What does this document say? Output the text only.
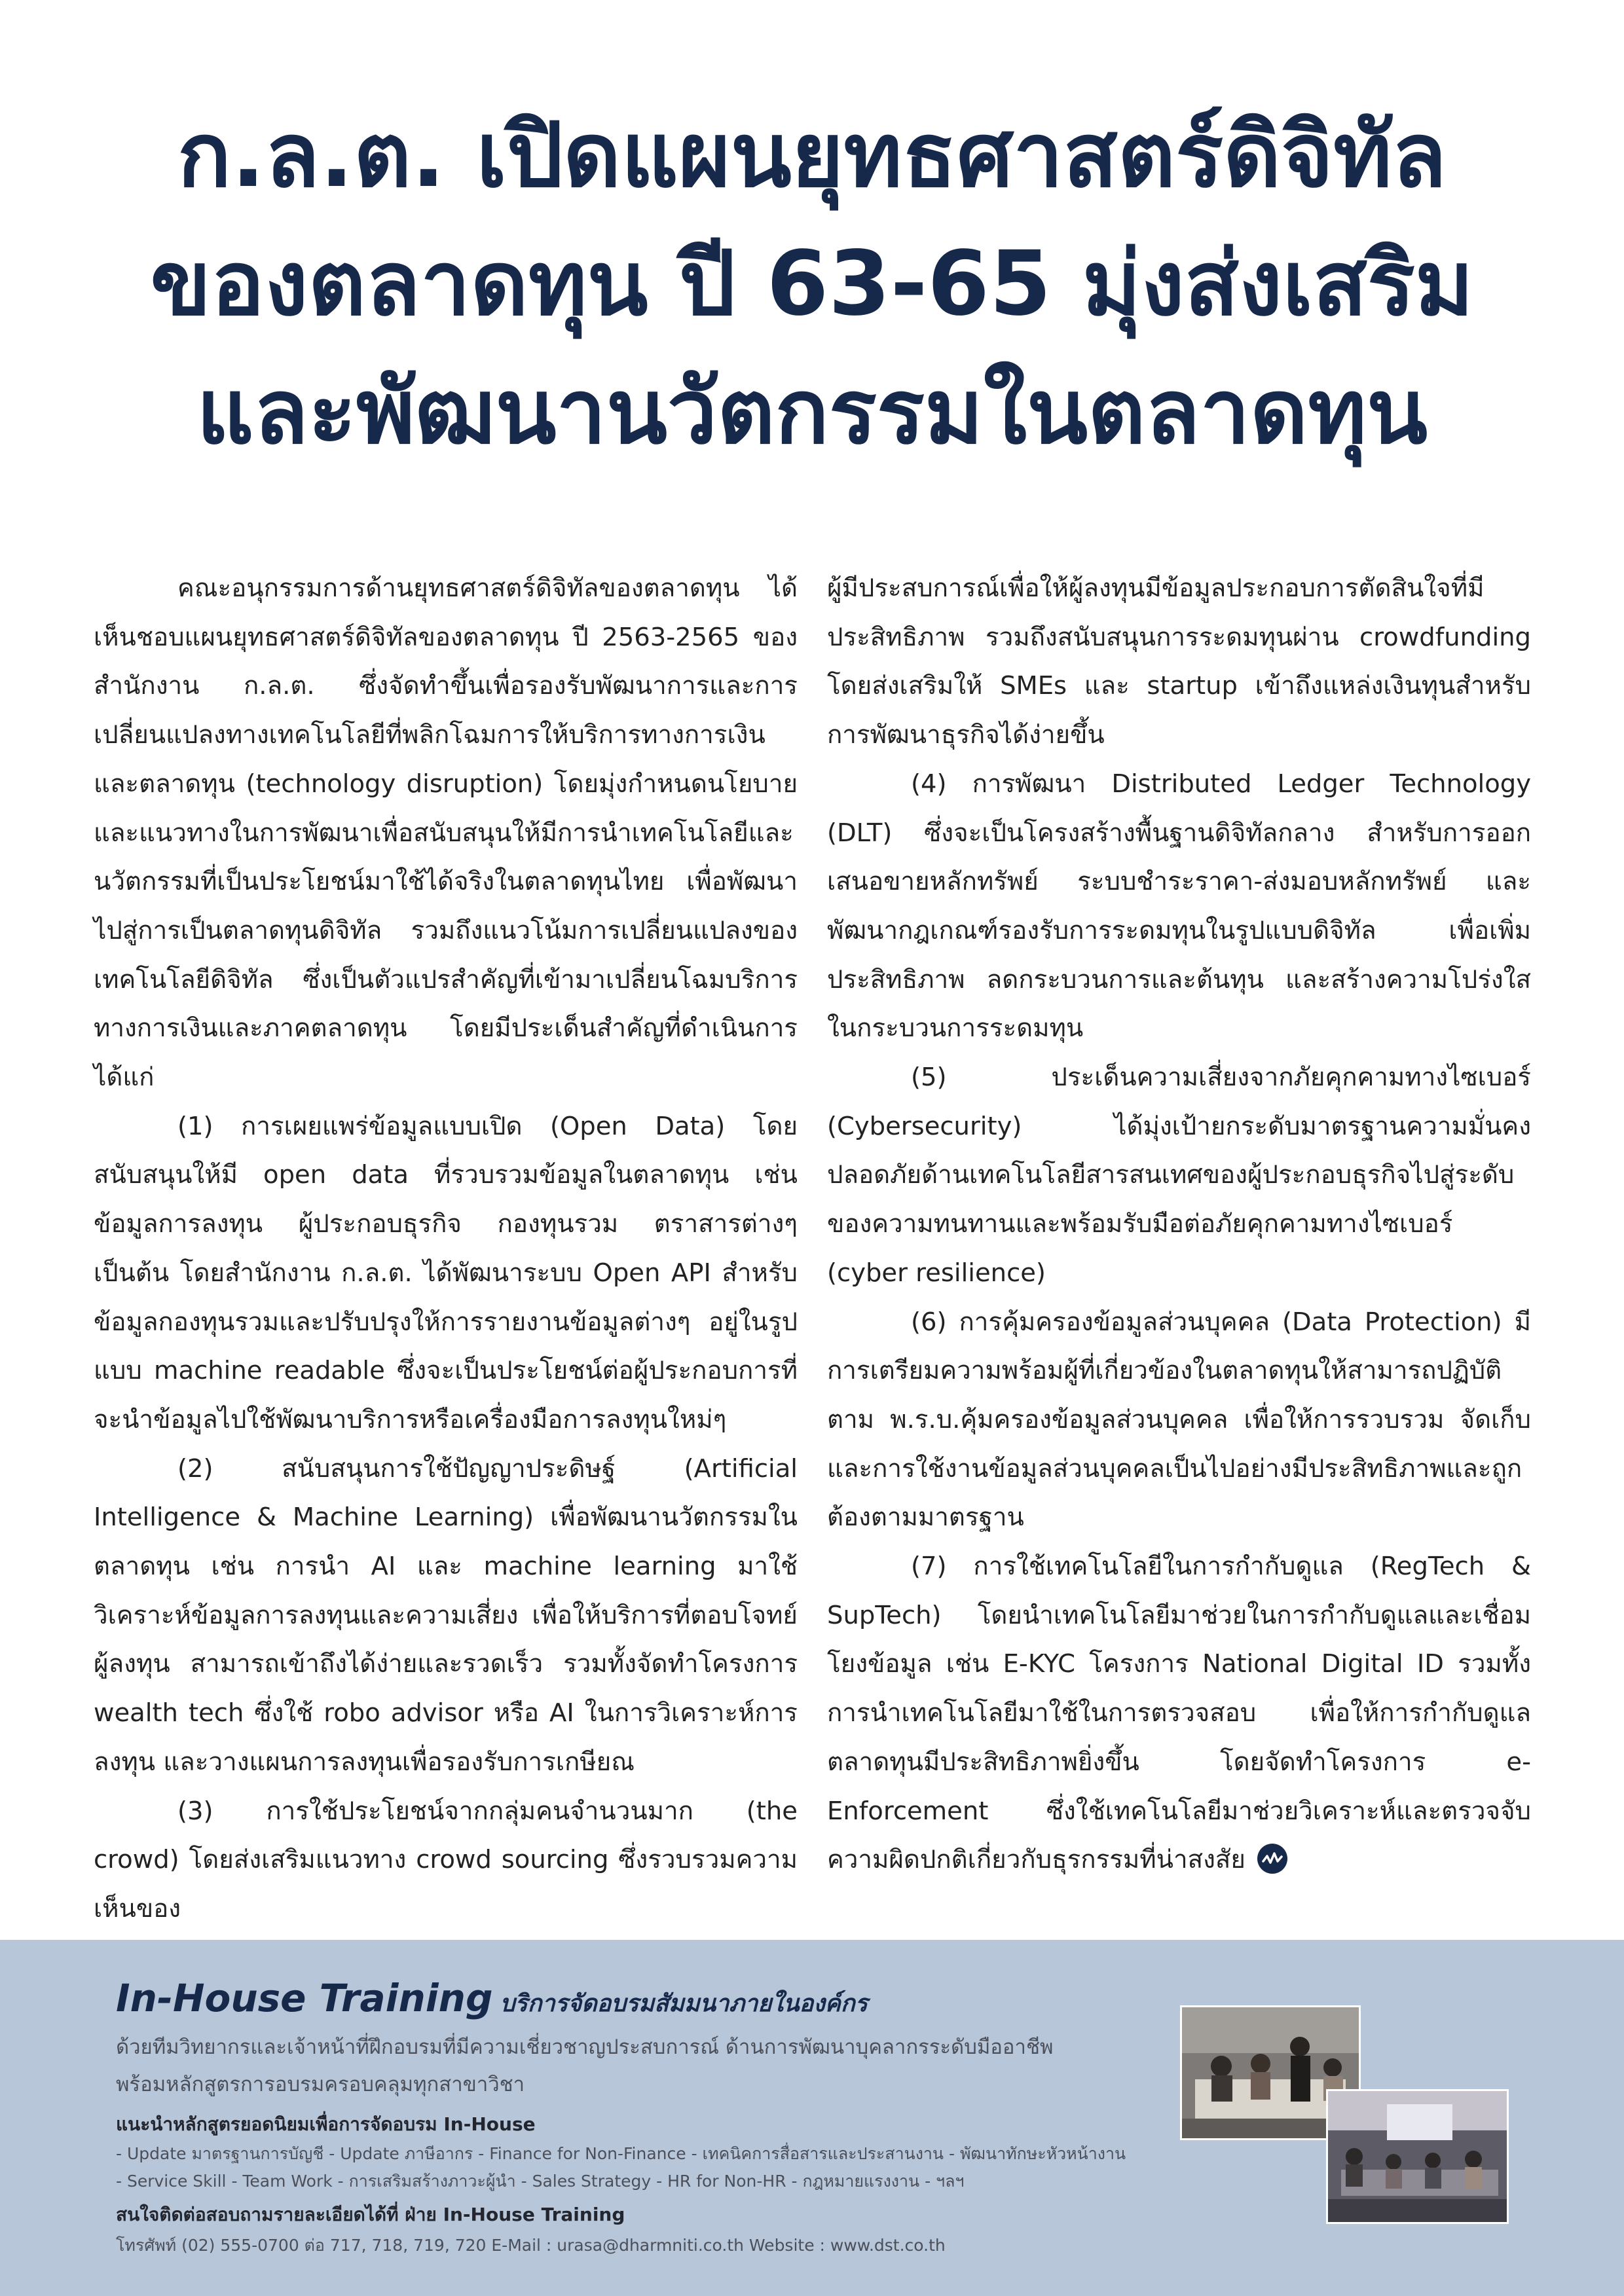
ก.ล.ต. เปิดแผนยุทธศาสตร์ดิจิทัล
ของตลาดทุน ปี 63-65 มุ่งส่งเสริม
และพัฒนานวัตกรรมในตลาดทุน

คณะอนุกรรมการด้านยุทธศาสตร์ดิจิทัลของตลาดทุน ได้เห็นชอบแผนยุทธศาสตร์ดิจิทัลของตลาดทุน ปี 2563-2565 ของสำนักงาน ก.ล.ต. ซึ่งจัดทำขึ้นเพื่อรองรับพัฒนาการและการเปลี่ยนแปลงทางเทคโนโลยีที่พลิกโฉมการให้บริการทางการเงินและตลาดทุน (technology disruption) โดยมุ่งกำหนดนโยบายและแนวทางในการพัฒนาเพื่อสนับสนุนให้มีการนำเทคโนโลยีและนวัตกรรมที่เป็นประโยชน์มาใช้ได้จริงในตลาดทุนไทย เพื่อพัฒนาไปสู่การเป็นตลาดทุนดิจิทัล รวมถึงแนวโน้มการเปลี่ยนแปลงของเทคโนโลยีดิจิทัล ซึ่งเป็นตัวแปรสำคัญที่เข้ามาเปลี่ยนโฉมบริการทางการเงินและภาคตลาดทุน โดยมีประเด็นสำคัญที่ดำเนินการได้แก่

(1) การเผยแพร่ข้อมูลแบบเปิด (Open Data) โดยสนับสนุนให้มี open data ที่รวบรวมข้อมูลในตลาดทุน เช่น ข้อมูลการลงทุน ผู้ประกอบธุรกิจ กองทุนรวม ตราสารต่างๆ เป็นต้น โดยสำนักงาน ก.ล.ต. ได้พัฒนาระบบ Open API สำหรับข้อมูลกองทุนรวมและปรับปรุงให้การรายงานข้อมูลต่างๆ อยู่ในรูปแบบ machine readable ซึ่งจะเป็นประโยชน์ต่อผู้ประกอบการที่จะนำข้อมูลไปใช้พัฒนาบริการหรือเครื่องมือการลงทุนใหม่ๆ

(2) สนับสนุนการใช้ปัญญาประดิษฐ์ (Artificial Intelligence & Machine Learning) เพื่อพัฒนานวัตกรรมในตลาดทุน เช่น การนำ AI และ machine learning มาใช้วิเคราะห์ข้อมูลการลงทุนและความเสี่ยง เพื่อให้บริการที่ตอบโจทย์ ผู้ลงทุน สามารถเข้าถึงได้ง่ายและรวดเร็ว รวมทั้งจัดทำโครงการ wealth tech ซึ่งใช้ robo advisor หรือ AI ในการวิเคราะห์การลงทุน และวางแผนการลงทุนเพื่อรองรับการเกษียณ

(3) การใช้ประโยชน์จากกลุ่มคนจำนวนมาก (the crowd) โดยส่งเสริมแนวทาง crowd sourcing ซึ่งรวบรวมความเห็นของ

ผู้มีประสบการณ์เพื่อให้ผู้ลงทุนมีข้อมูลประกอบการตัดสินใจที่มีประสิทธิภาพ รวมถึงสนับสนุนการระดมทุนผ่าน crowdfunding โดยส่งเสริมให้ SMEs และ startup เข้าถึงแหล่งเงินทุนสำหรับการพัฒนาธุรกิจได้ง่ายขึ้น

(4) การพัฒนา Distributed Ledger Technology (DLT) ซึ่งจะเป็นโครงสร้างพื้นฐานดิจิทัลกลาง สำหรับการออกเสนอขายหลักทรัพย์ ระบบชำระราคา-ส่งมอบหลักทรัพย์ และพัฒนากฎเกณฑ์รองรับการระดมทุนในรูปแบบดิจิทัล เพื่อเพิ่มประสิทธิภาพ ลดกระบวนการและต้นทุน และสร้างความโปร่งใสในกระบวนการระดมทุน

(5) ประเด็นความเสี่ยงจากภัยคุกคามทางไซเบอร์ (Cybersecurity) ได้มุ่งเป้ายกระดับมาตรฐานความมั่นคงปลอดภัยด้านเทคโนโลยีสารสนเทศของผู้ประกอบธุรกิจไปสู่ระดับของความทนทานและพร้อมรับมือต่อภัยคุกคามทางไซเบอร์ (cyber resilience)

(6) การคุ้มครองข้อมูลส่วนบุคคล (Data Protection) มีการเตรียมความพร้อมผู้ที่เกี่ยวข้องในตลาดทุนให้สามารถปฏิบัติตาม พ.ร.บ.คุ้มครองข้อมูลส่วนบุคคล เพื่อให้การรวบรวม จัดเก็บ และการใช้งานข้อมูลส่วนบุคคลเป็นไปอย่างมีประสิทธิภาพและถูกต้องตามมาตรฐาน

(7) การใช้เทคโนโลยีในการกำกับดูแล (RegTech & SupTech) โดยนำเทคโนโลยีมาช่วยในการกำกับดูแลและเชื่อมโยงข้อมูล เช่น E-KYC โครงการ National Digital ID รวมทั้งการนำเทคโนโลยีมาใช้ในการตรวจสอบ เพื่อให้การกำกับดูแลตลาดทุนมีประสิทธิภาพยิ่งขึ้น โดยจัดทำโครงการ e-Enforcement ซึ่งใช้เทคโนโลยีมาช่วยวิเคราะห์และตรวจจับความผิดปกติเกี่ยวกับธุรกรรมที่น่าสงสัย

In-House Training บริการจัดอบรมสัมมนาภายในองค์กร
ด้วยทีมวิทยากรและเจ้าหน้าที่ฝึกอบรมที่มีความเชี่ยวชาญประสบการณ์ ด้านการพัฒนาบุคลากรระดับมืออาชีพ
พร้อมหลักสูตรการอบรมครอบคลุมทุกสาขาวิชา
แนะนำหลักสูตรยอดนิยมเพื่อการจัดอบรม In-House
- Update มาตรฐานการบัญชี - Update ภาษีอากร - Finance for Non-Finance - เทคนิคการสื่อสารและประสานงาน - พัฒนาทักษะหัวหน้างาน
- Service Skill - Team Work - การเสริมสร้างภาวะผู้นำ - Sales Strategy - HR for Non-HR - กฎหมายแรงงาน - ฯลฯ
สนใจติดต่อสอบถามรายละเอียดได้ที่ ฝ่าย In-House Training
โทรศัพท์ (02) 555-0700 ต่อ 717, 718, 719, 720 E-Mail : urasa@dharmniti.co.th Website : www.dst.co.th
